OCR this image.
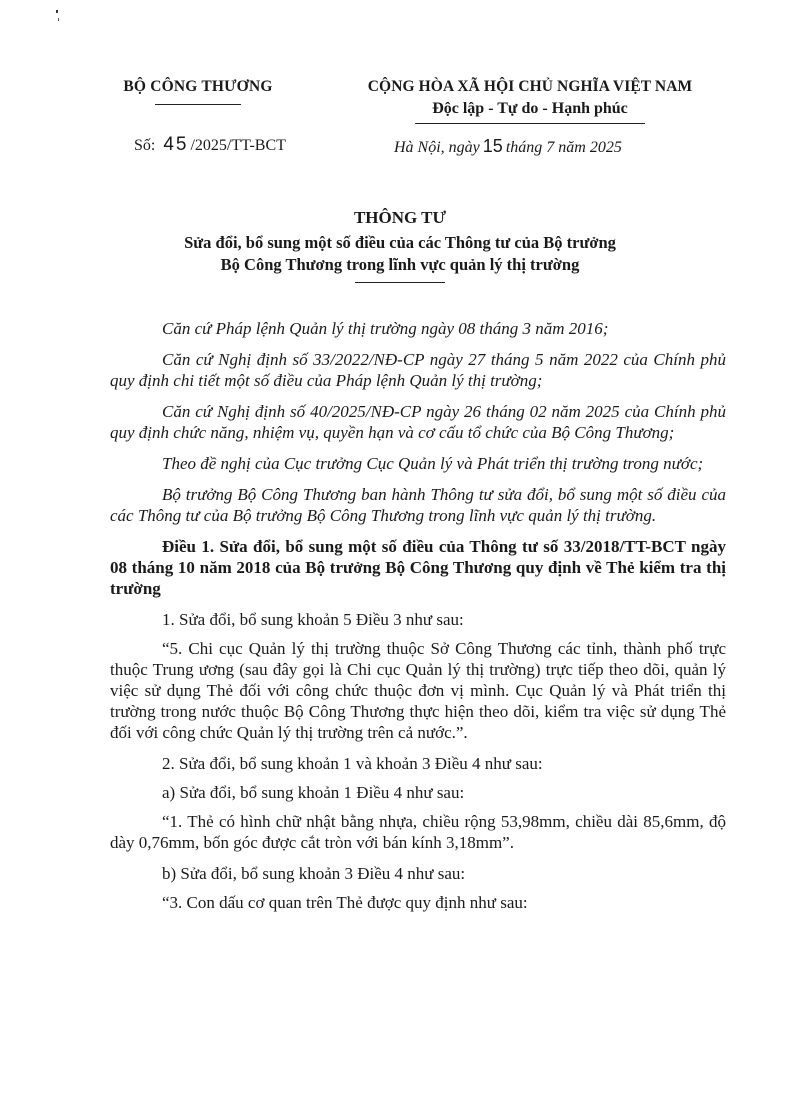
BỘ CÔNG THƯƠNG	CỘNG HÒA XÃ HỘI CHỦ NGHĨA VIỆT NAM
Độc lập - Tự do - Hạnh phúc
Số: 45 /2025/TT-BCT	Hà Nội, ngày 15 tháng 7 năm 2025
THÔNG TƯ
Sửa đổi, bổ sung một số điều của các Thông tư của Bộ trưởng
Bộ Công Thương trong lĩnh vực quản lý thị trường

Căn cứ Pháp lệnh Quản lý thị trường ngày 08 tháng 3 năm 2016;

Căn cứ Nghị định số 33/2022/NĐ-CP ngày 27 tháng 5 năm 2022 của Chính phủ quy định chi tiết một số điều của Pháp lệnh Quản lý thị trường;

Căn cứ Nghị định số 40/2025/NĐ-CP ngày 26 tháng 02 năm 2025 của Chính phủ quy định chức năng, nhiệm vụ, quyền hạn và cơ cấu tổ chức của Bộ Công Thương;

Theo đề nghị của Cục trưởng Cục Quản lý và Phát triển thị trường trong nước;

Bộ trưởng Bộ Công Thương ban hành Thông tư sửa đổi, bổ sung một số điều của các Thông tư của Bộ trưởng Bộ Công Thương trong lĩnh vực quản lý thị trường.

Điều 1. Sửa đổi, bổ sung một số điều của Thông tư số 33/2018/TT-BCT ngày 08 tháng 10 năm 2018 của Bộ trưởng Bộ Công Thương quy định về Thẻ kiểm tra thị trường

1. Sửa đổi, bổ sung khoản 5 Điều 3 như sau:

“5. Chi cục Quản lý thị trường thuộc Sở Công Thương các tỉnh, thành phố trực thuộc Trung ương (sau đây gọi là Chi cục Quản lý thị trường) trực tiếp theo dõi, quản lý việc sử dụng Thẻ đối với công chức thuộc đơn vị mình. Cục Quản lý và Phát triển thị trường trong nước thuộc Bộ Công Thương thực hiện theo dõi, kiểm tra việc sử dụng Thẻ đối với công chức Quản lý thị trường trên cả nước.”.

2. Sửa đổi, bổ sung khoản 1 và khoản 3 Điều 4 như sau:

a) Sửa đổi, bổ sung khoản 1 Điều 4 như sau:

“1. Thẻ có hình chữ nhật bằng nhựa, chiều rộng 53,98mm, chiều dài 85,6mm, độ dày 0,76mm, bốn góc được cắt tròn với bán kính 3,18mm”.

b) Sửa đổi, bổ sung khoản 3 Điều 4 như sau:

“3. Con dấu cơ quan trên Thẻ được quy định như sau:
